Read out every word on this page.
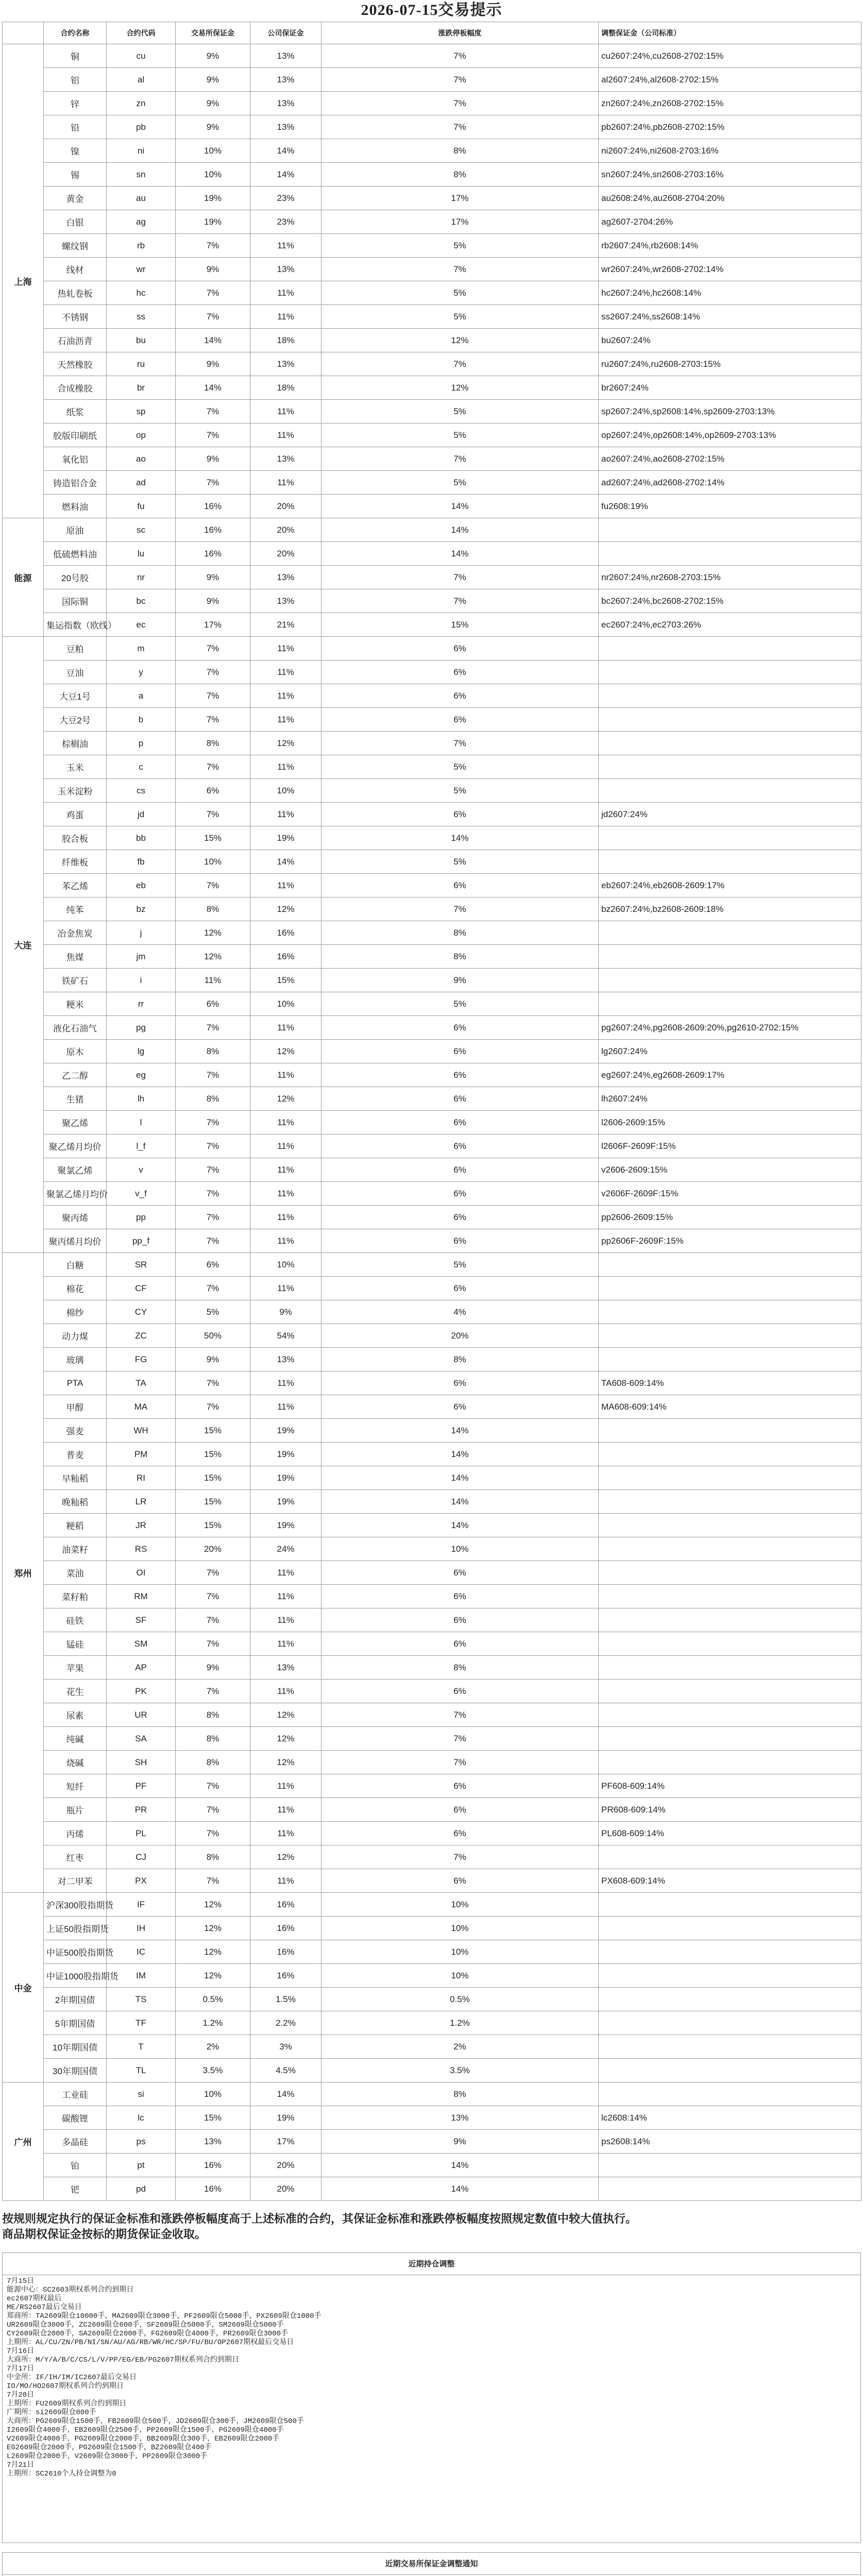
2026-07-15交易提示
	合约名称	合约代码	交易所保证金	公司保证金	涨跌停板幅度	调整保证金（公司标准）	
上海	铜	cu	9%	13%	7%	cu2607:24%,cu2608-2702:15%	
	铝	al	9%	13%	7%	al2607:24%,al2608-2702:15%	
	锌	zn	9%	13%	7%	zn2607:24%,zn2608-2702:15%	
	铅	pb	9%	13%	7%	pb2607:24%,pb2608-2702:15%	
	镍	ni	10%	14%	8%	ni2607:24%,ni2608-2703:16%	
	锡	sn	10%	14%	8%	sn2607:24%,sn2608-2703:16%	
	黄金	au	19%	23%	17%	au2608:24%,au2608-2704:20%	
	白银	ag	19%	23%	17%	ag2607-2704:26%	
	螺纹钢	rb	7%	11%	5%	rb2607:24%,rb2608:14%	
	线材	wr	9%	13%	7%	wr2607:24%,wr2608-2702:14%	
	热轧卷板	hc	7%	11%	5%	hc2607:24%,hc2608:14%	
	不锈钢	ss	7%	11%	5%	ss2607:24%,ss2608:14%	
	石油沥青	bu	14%	18%	12%	bu2607:24%	
	天然橡胶	ru	9%	13%	7%	ru2607:24%,ru2608-2703:15%	
	合成橡胶	br	14%	18%	12%	br2607:24%	
	纸浆	sp	7%	11%	5%	sp2607:24%,sp2608:14%,sp2609-2703:13%	
	胶版印刷纸	op	7%	11%	5%	op2607:24%,op2608:14%,op2609-2703:13%	
	氧化铝	ao	9%	13%	7%	ao2607:24%,ao2608-2702:15%	
	铸造铝合金	ad	7%	11%	5%	ad2607:24%,ad2608-2702:14%	
	燃料油	fu	16%	20%	14%	fu2608:19%	
能源	原油	sc	16%	20%	14%		
	低硫燃料油	lu	16%	20%	14%		
	20号胶	nr	9%	13%	7%	nr2607:24%,nr2608-2703:15%	
	国际铜	bc	9%	13%	7%	bc2607:24%,bc2608-2702:15%	
	集运指数（欧线）	ec	17%	21%	15%	ec2607:24%,ec2703:26%	
大连	豆粕	m	7%	11%	6%		
	豆油	y	7%	11%	6%		
	大豆1号	a	7%	11%	6%		
	大豆2号	b	7%	11%	6%		
	棕榈油	p	8%	12%	7%		
	玉米	c	7%	11%	5%		
	玉米淀粉	cs	6%	10%	5%		
	鸡蛋	jd	7%	11%	6%	jd2607:24%	
	胶合板	bb	15%	19%	14%		
	纤维板	fb	10%	14%	5%		
	苯乙烯	eb	7%	11%	6%	eb2607:24%,eb2608-2609:17%	
	纯苯	bz	8%	12%	7%	bz2607:24%,bz2608-2609:18%	
	冶金焦炭	j	12%	16%	8%		
	焦煤	jm	12%	16%	8%		
	铁矿石	i	11%	15%	9%		
	粳米	rr	6%	10%	5%		
	液化石油气	pg	7%	11%	6%	pg2607:24%,pg2608-2609:20%,pg2610-2702:15%	
	原木	lg	8%	12%	6%	lg2607:24%	
	乙二醇	eg	7%	11%	6%	eg2607:24%,eg2608-2609:17%	
	生猪	lh	8%	12%	6%	lh2607:24%	
	聚乙烯	l	7%	11%	6%	l2606-2609:15%	
	聚乙烯月均价	l_f	7%	11%	6%	l2606F-2609F:15%	
	聚氯乙烯	v	7%	11%	6%	v2606-2609:15%	
	聚氯乙烯月均价	v_f	7%	11%	6%	v2606F-2609F:15%	
	聚丙烯	pp	7%	11%	6%	pp2606-2609:15%	
	聚丙烯月均价	pp_f	7%	11%	6%	pp2606F-2609F:15%	
郑州	白糖	SR	6%	10%	5%		
	棉花	CF	7%	11%	6%		
	棉纱	CY	5%	9%	4%		
	动力煤	ZC	50%	54%	20%		
	玻璃	FG	9%	13%	8%		
	PTA	TA	7%	11%	6%	TA608-609:14%	
	甲醇	MA	7%	11%	6%	MA608-609:14%	
	强麦	WH	15%	19%	14%		
	普麦	PM	15%	19%	14%		
	早籼稻	RI	15%	19%	14%		
	晚籼稻	LR	15%	19%	14%		
	粳稻	JR	15%	19%	14%		
	油菜籽	RS	20%	24%	10%		
	菜油	OI	7%	11%	6%		
	菜籽粕	RM	7%	11%	6%		
	硅铁	SF	7%	11%	6%		
	锰硅	SM	7%	11%	6%		
	苹果	AP	9%	13%	8%		
	花生	PK	7%	11%	6%		
	尿素	UR	8%	12%	7%		
	纯碱	SA	8%	12%	7%		
	烧碱	SH	8%	12%	7%		
	短纤	PF	7%	11%	6%	PF608-609:14%	
	瓶片	PR	7%	11%	6%	PR608-609:14%	
	丙烯	PL	7%	11%	6%	PL608-609:14%	
	红枣	CJ	8%	12%	7%		
	对二甲苯	PX	7%	11%	6%	PX608-609:14%	
中金	沪深300股指期货	IF	12%	16%	10%		
	上证50股指期货	IH	12%	16%	10%		
	中证500股指期货	IC	12%	16%	10%		
	中证1000股指期货	IM	12%	16%	10%		
	2年期国债	TS	0.5%	1.5%	0.5%		
	5年期国债	TF	1.2%	2.2%	1.2%		
	10年期国债	T	2%	3%	2%		
	30年期国债	TL	3.5%	4.5%	3.5%		
广州	工业硅	si	10%	14%	8%		
	碳酸锂	lc	15%	19%	13%	lc2608:14%	
	多晶硅	ps	13%	17%	9%	ps2608:14%	
	铂	pt	16%	20%	14%		
	钯	pd	16%	20%	14%		
按规则规定执行的保证金标准和涨跌停板幅度高于上述标准的合约，其保证金标准和涨跌停板幅度按照规定数值中较大值执行。
商品期权保证金按标的期货保证金收取。
近期持仓调整
7月15日
能源中心：SC2603期权系列合约到期日
ec2607期权最后
ME/RS2607最后交易日
郑商所：TA2609限仓10000手，MA2609限仓3000手，PF2609限仓5000手，PX2609限仓1000手
UR2609限仓3000手，ZC2609限仓600手，SF2609限仓5000手，SM2609限仓5000手
CY2609限仓2000手，SA2609限仓2000手，FG2609限仓4000手，PR2609限仓3000手
上期所：AL/CU/ZN/PB/NI/SN/AU/AG/RB/WR/HC/SP/FU/BU/OP2607期权最后交易日
7月16日
大商所：M/Y/A/B/C/CS/L/V/PP/EG/EB/PG2607期权系列合约到期日
7月17日
中金所：IF/IH/IM/IC2607最后交易日
IO/MO/HO2607期权系列合约到期日
7月20日
上期所：FU2609期权系列合约到期日
广期所：si2609限仓800手
大商所：PG2609限仓1500手，FB2609限仓500手，JD2609限仓300手，JM2609限仓500手
I2609限仓4000手，EB2609限仓2500手，PP2609限仓1500手，PG2609限仓4000手
V2609限仓4000手，PG2609限仓2000手，BB2609限仓300手，EB2609限仓2000手
EG2609限仓2000手，PG2609限仓1500手，BZ2609限仓400手
L2609限仓2000手，V2609限仓3000手，PP2609限仓3000手
7月21日
上期所：SC2610个人持仓调整为0
近期交易所保证金调整通知
